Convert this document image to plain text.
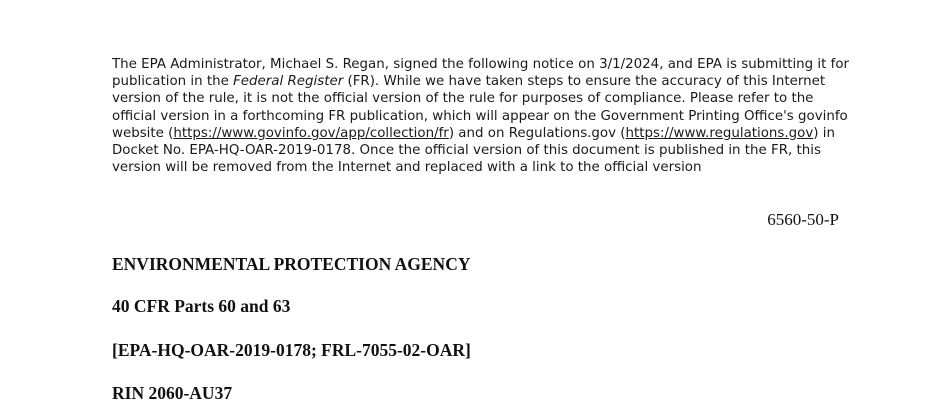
The EPA Administrator, Michael S. Regan, signed the following notice on 3/1/2024, and EPA is submitting it for publication in the Federal Register (FR). While we have taken steps to ensure the accuracy of this Internet version of the rule, it is not the official version of the rule for purposes of compliance. Please refer to the official version in a forthcoming FR publication, which will appear on the Government Printing Office's govinfo website (https://www.govinfo.gov/app/collection/fr) and on Regulations.gov (https://www.regulations.gov) in Docket No. EPA-HQ-OAR-2019-0178. Once the official version of this document is published in the FR, this version will be removed from the Internet and replaced with a link to the official version

6560-50-P

ENVIRONMENTAL PROTECTION AGENCY

40 CFR Parts 60 and 63

[EPA-HQ-OAR-2019-0178; FRL-7055-02-OAR]

RIN 2060-AU37
